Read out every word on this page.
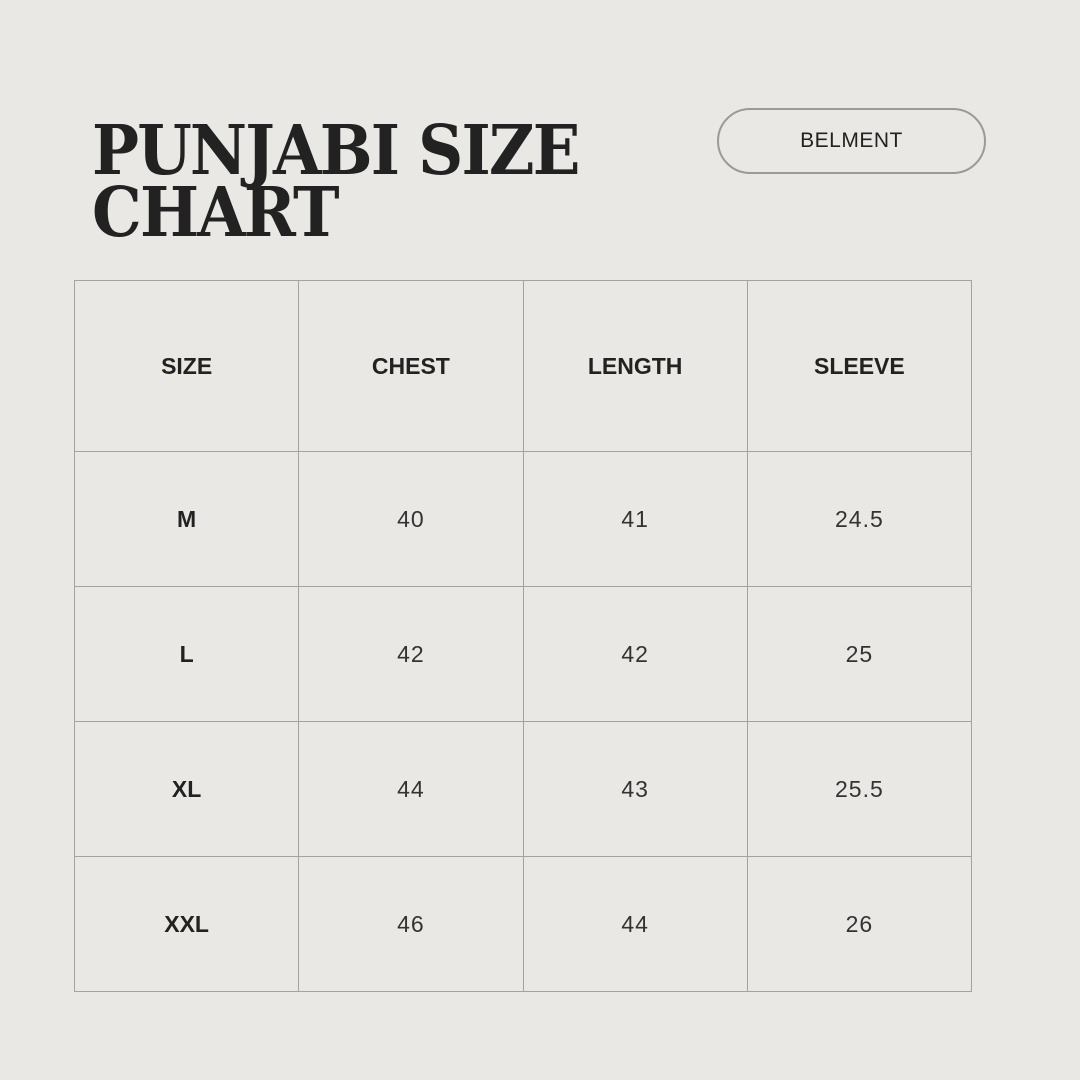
PUNJABI SIZE
CHART
BELMENT
SIZE	CHEST	LENGTH	SLEEVE
M	40	41	24.5
L	42	42	25
XL	44	43	25.5
XXL	46	44	26
